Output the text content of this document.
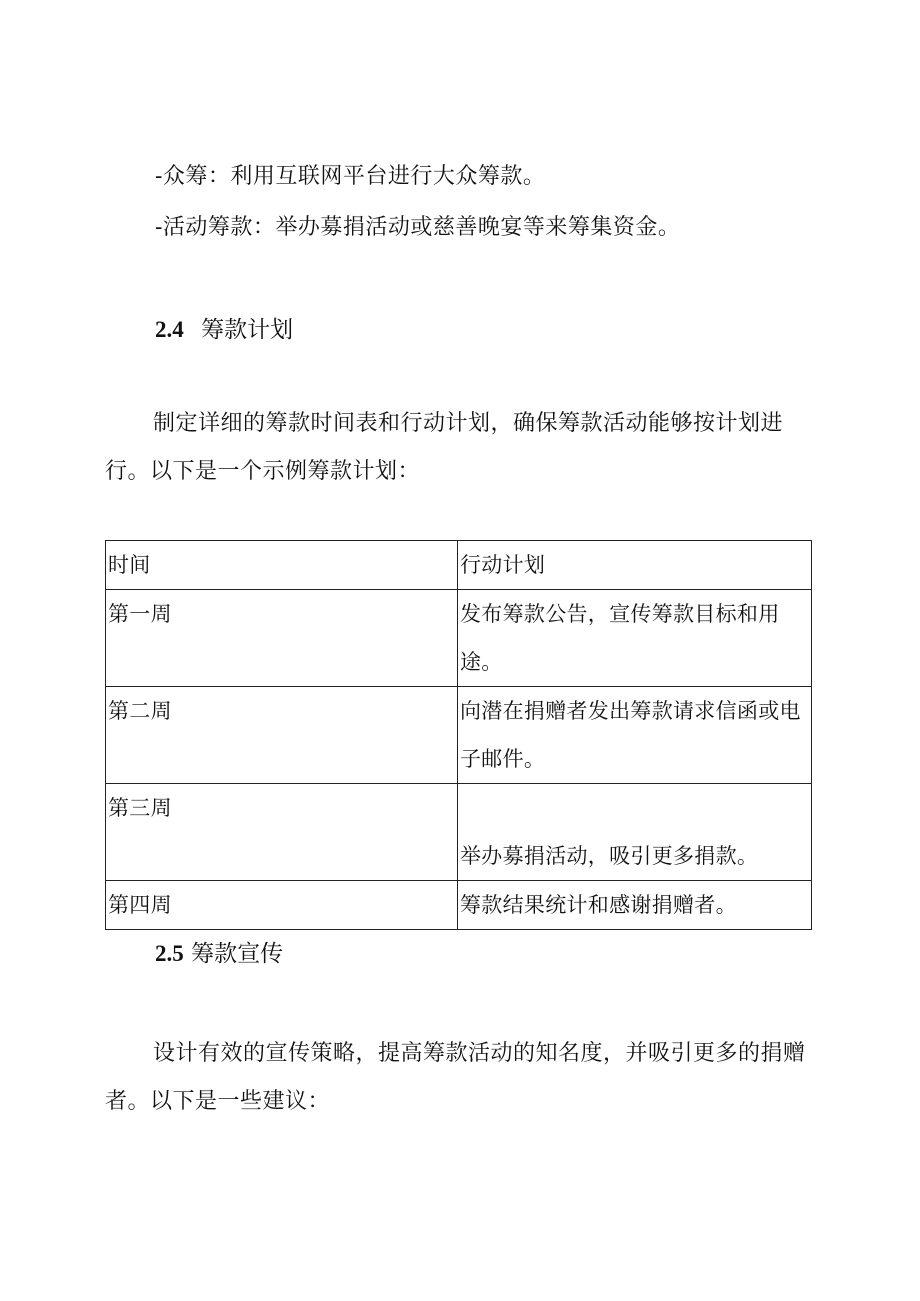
-众筹：利用互联网平台进行大众筹款。
-活动筹款：举办募捐活动或慈善晚宴等来筹集资金。
2.4 筹款计划
制定详细的筹款时间表和行动计划，确保筹款活动能够按计划进行。以下是一个示例筹款计划：
时间	行动计划
第一周	发布筹款公告，宣传筹款目标和用途。
第二周	向潜在捐赠者发出筹款请求信函或电子邮件。
第三周	举办募捐活动，吸引更多捐款。

第四周	筹款结果统计和感谢捐赠者。
2.5 筹款宣传
设计有效的宣传策略，提高筹款活动的知名度，并吸引更多的捐赠者。以下是一些建议：
